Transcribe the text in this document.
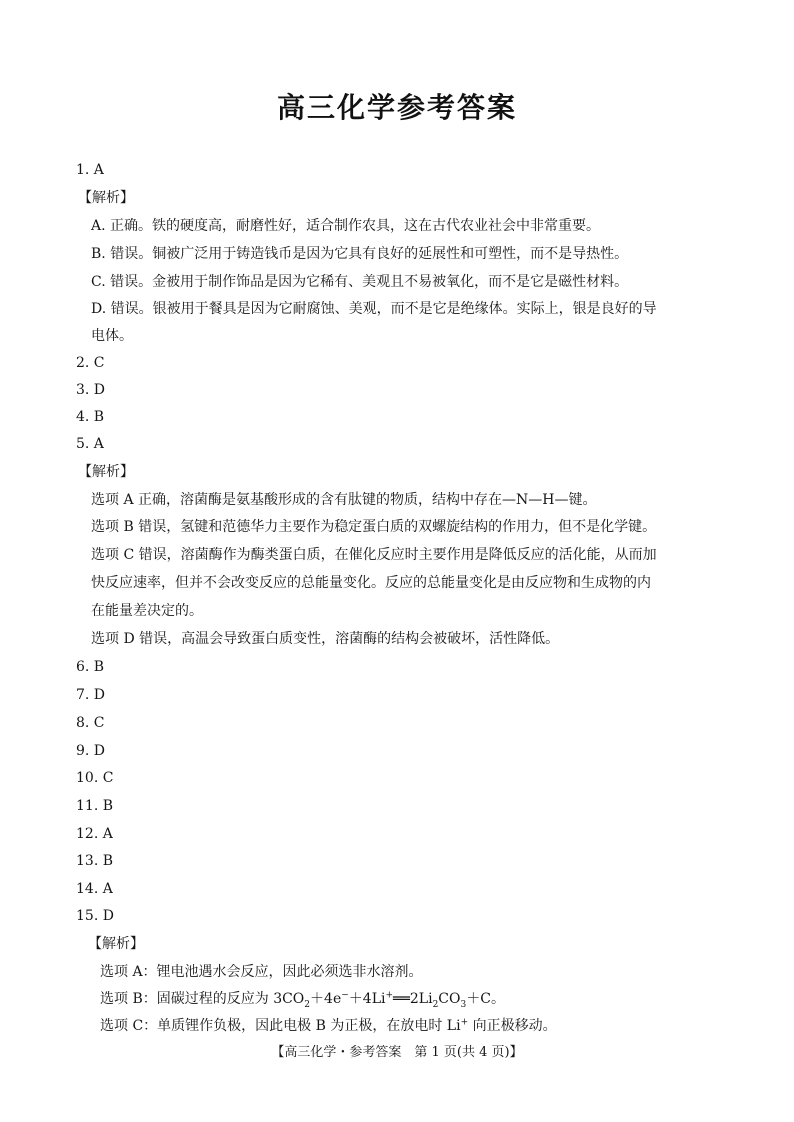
高三化学参考答案
1. A
【解析】
A. 正确。铁的硬度高，耐磨性好，适合制作农具，这在古代农业社会中非常重要。
B. 错误。铜被广泛用于铸造钱币是因为它具有良好的延展性和可塑性，而不是导热性。
C. 错误。金被用于制作饰品是因为它稀有、美观且不易被氧化，而不是它是磁性材料。
D. 错误。银被用于餐具是因为它耐腐蚀、美观，而不是它是绝缘体。实际上，银是良好的导
电体。
2. C
3. D
4. B
5. A
【解析】
选项 A 正确，溶菌酶是氨基酸形成的含有肽键的物质，结构中存在—N—H—键。
选项 B 错误，氢键和范德华力主要作为稳定蛋白质的双螺旋结构的作用力，但不是化学键。
选项 C 错误，溶菌酶作为酶类蛋白质，在催化反应时主要作用是降低反应的活化能，从而加
快反应速率，但并不会改变反应的总能量变化。反应的总能量变化是由反应物和生成物的内
在能量差决定的。
选项 D 错误，高温会导致蛋白质变性，溶菌酶的结构会被破坏，活性降低。
6. B
7. D
8. C
9. D
10. C
11. B
12. A
13. B
14. A
15. D
【解析】
选项 A：锂电池遇水会反应，因此必须选非水溶剂。
选项 B：固碳过程的反应为 $3CO_2+4e^-+4Li^+══2Li_2CO_3+C$。
选项 C：单质锂作负极，因此电极 B 为正极，在放电时 Li+ 向正极移动。
【高三化学・参考答案　第 1 页(共 4 页)】
